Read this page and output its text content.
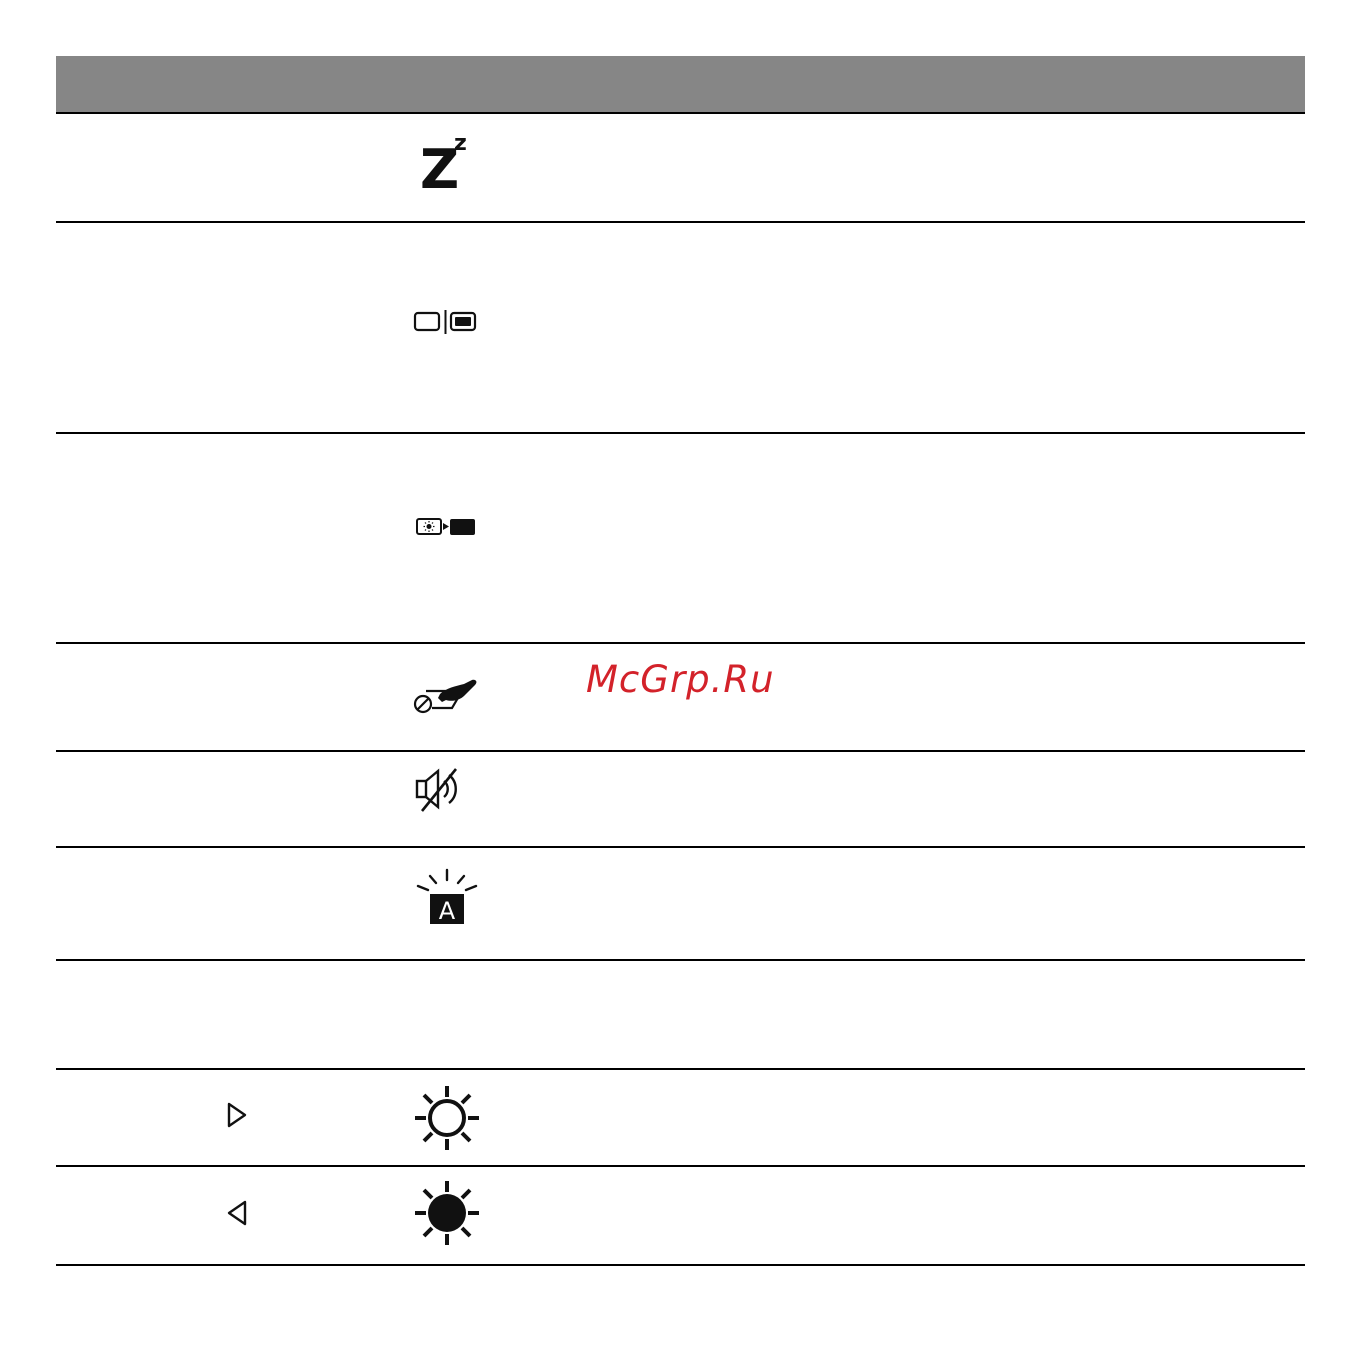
Z
z
A
McGrp.Ru
